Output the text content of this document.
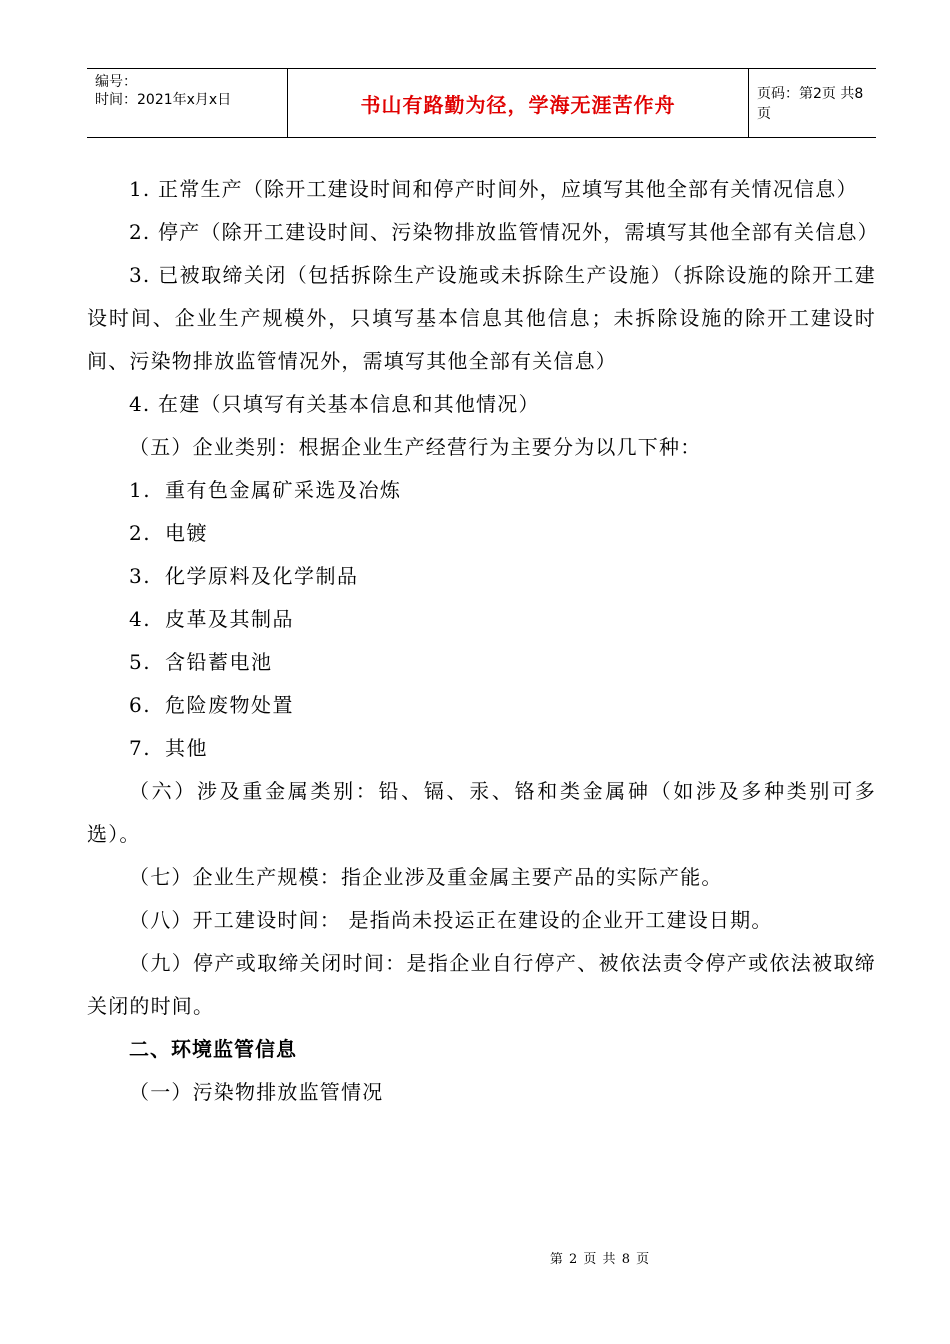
编号：
时间：2021年x月x日	书山有路勤为径，学海无涯苦作舟	页码：第2页 共8页

1. 正常生产（除开工建设时间和停产时间外，应填写其他全部有关情况信息）

2. 停产（除开工建设时间、污染物排放监管情况外，需填写其他全部有关信息）

3. 已被取缔关闭（包括拆除生产设施或未拆除生产设施）（拆除设施的除开工建设时间、企业生产规模外，只填写基本信息其他信息；未拆除设施的除开工建设时间、污染物排放监管情况外，需填写其他全部有关信息）

4. 在建（只填写有关基本信息和其他情况）

（五）企业类别：根据企业生产经营行为主要分为以几下种：

1. 重有色金属矿采选及冶炼
2. 电镀
3. 化学原料及化学制品
4. 皮革及其制品
5. 含铅蓄电池
6. 危险废物处置
7. 其他

（六）涉及重金属类别：铅、镉、汞、铬和类金属砷（如涉及多种类别可多选）。

（七）企业生产规模：指企业涉及重金属主要产品的实际产能。

（八）开工建设时间： 是指尚未投运正在建设的企业开工建设日期。

（九）停产或取缔关闭时间：是指企业自行停产、被依法责令停产或依法被取缔关闭的时间。

二、环境监管信息

（一）污染物排放监管情况

第 2 页 共 8 页
